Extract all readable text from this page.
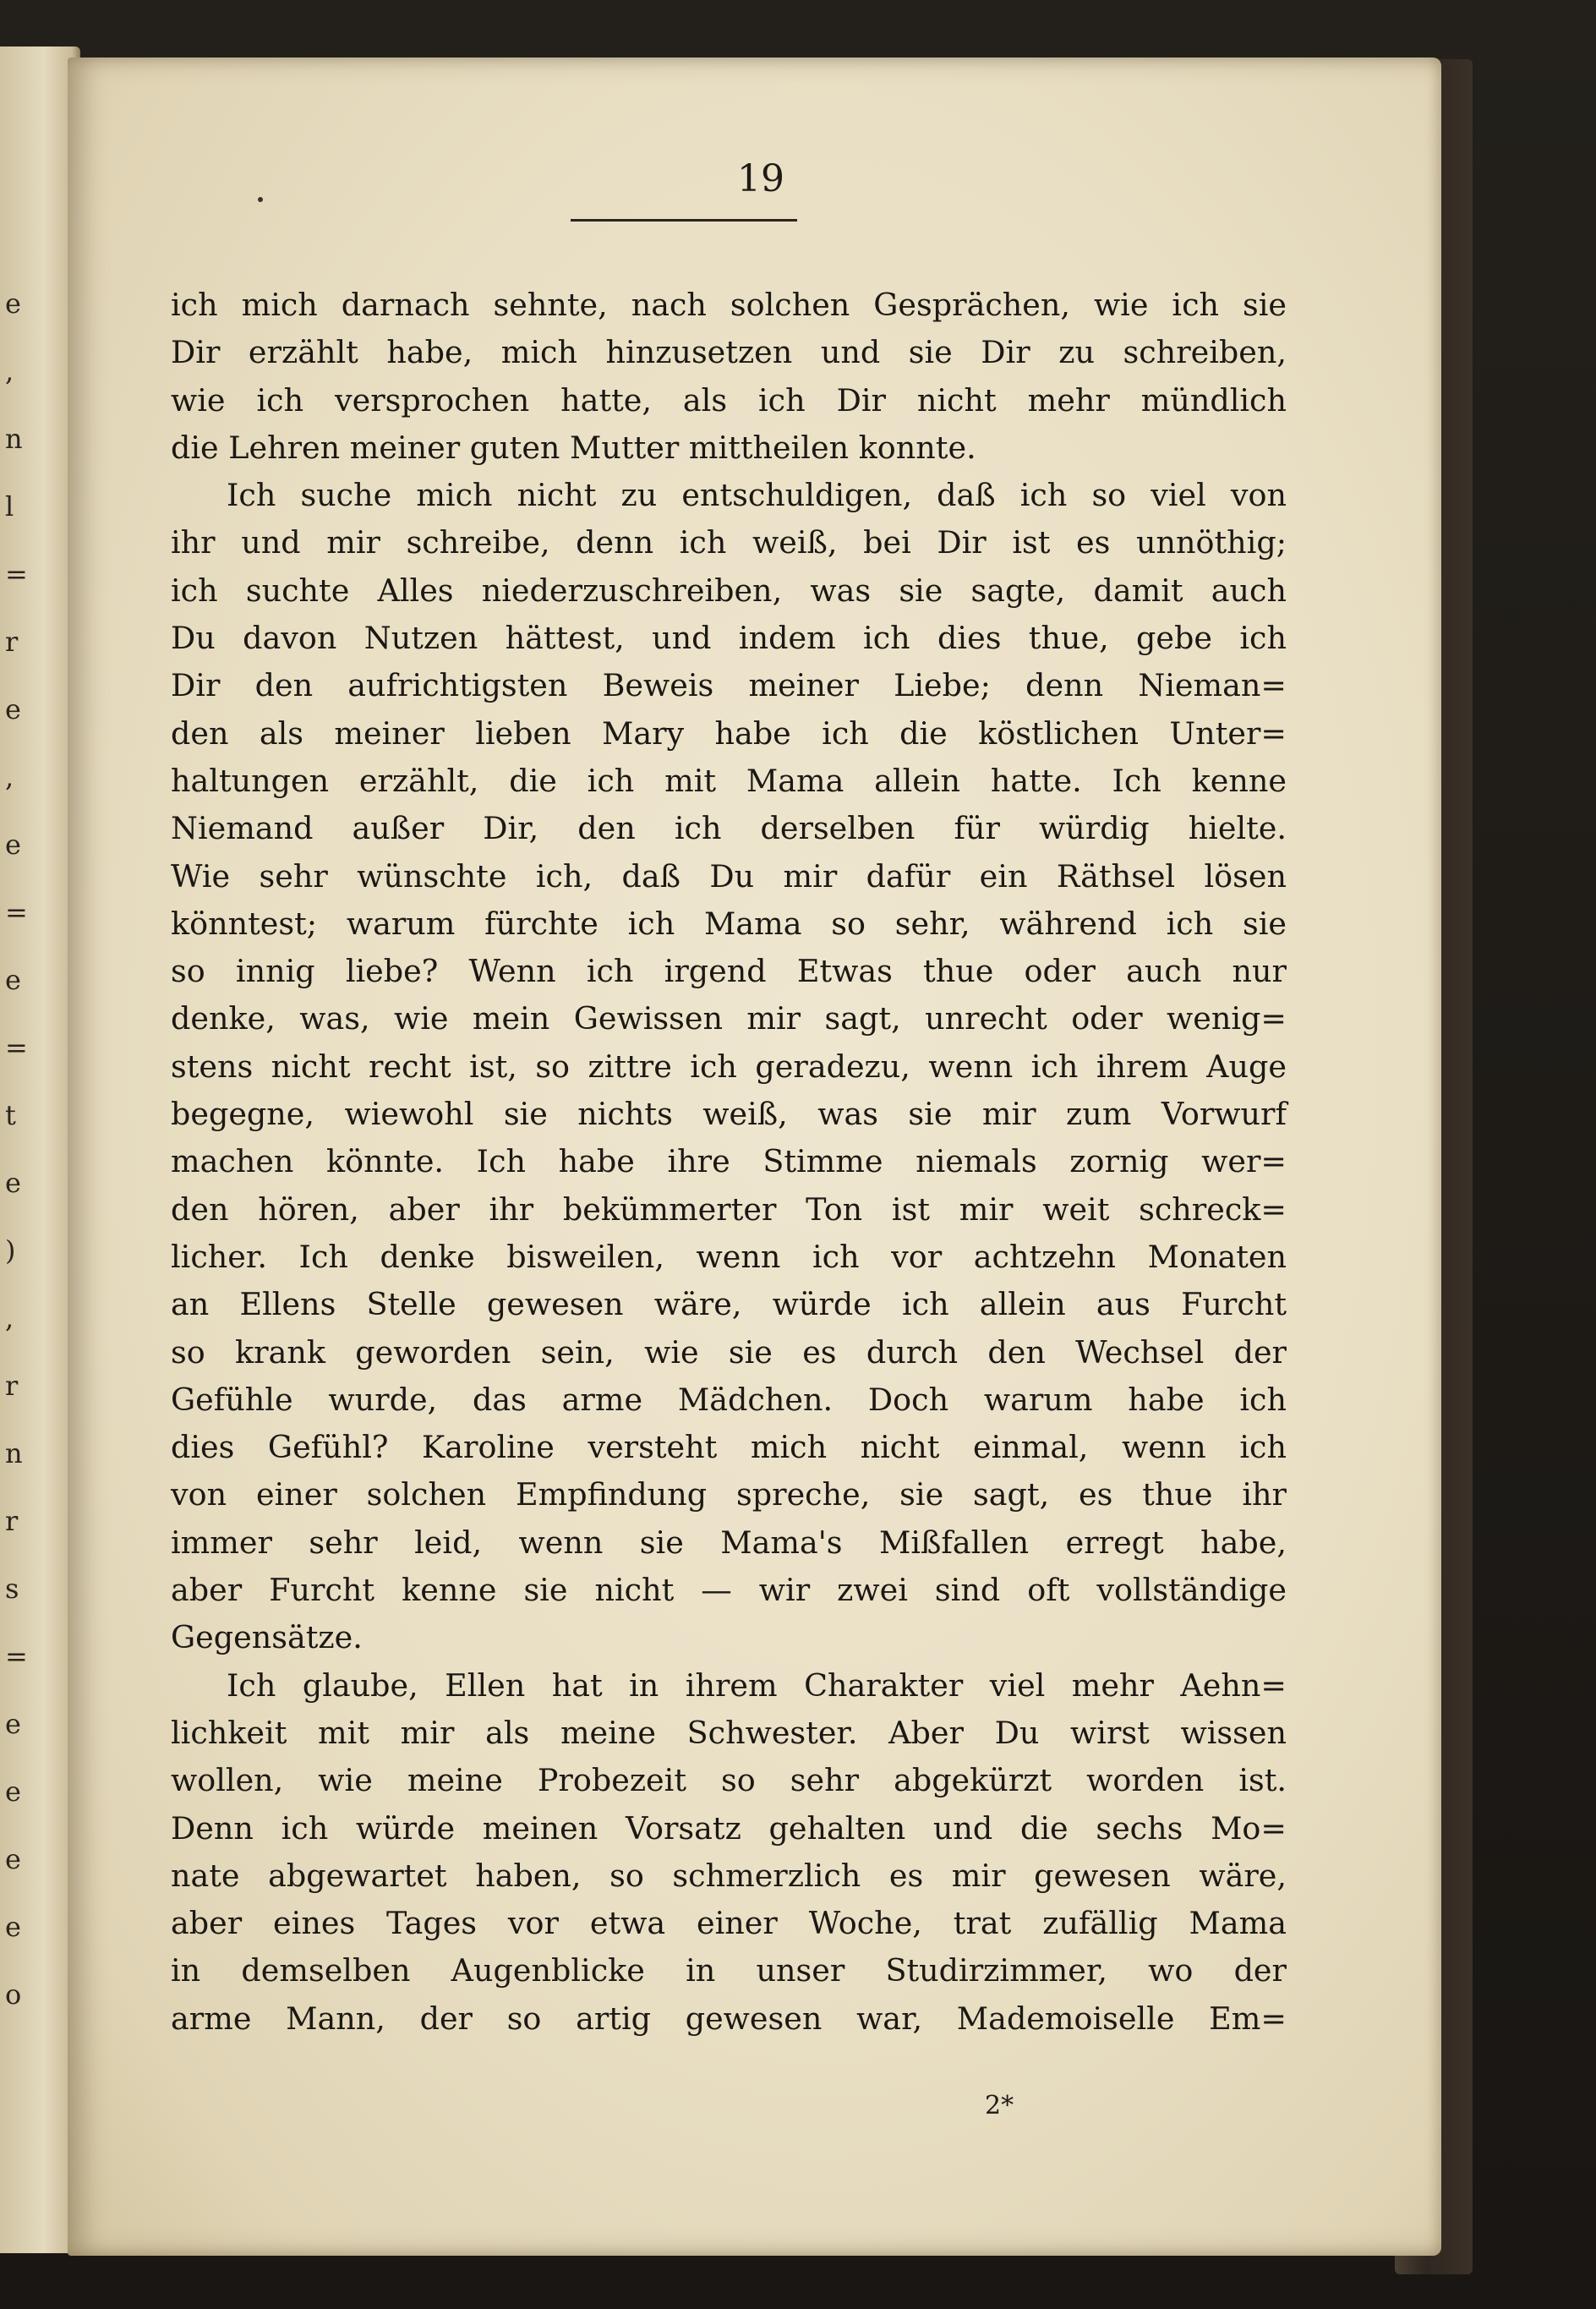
e
,
n
l
=
r
e
,
e
=
e
=
t
e
)
,
r
n
r
s
=
e
e
e
e
o
19
ich mich darnach sehnte, nach solchen Gesprächen, wie ich sie
Dir erzählt habe, mich hinzusetzen und sie Dir zu schreiben,
wie ich versprochen hatte, als ich Dir nicht mehr mündlich
die Lehren meiner guten Mutter mittheilen konnte.
Ich suche mich nicht zu entschuldigen, daß ich so viel von
ihr und mir schreibe, denn ich weiß, bei Dir ist es unnöthig;
ich suchte Alles niederzuschreiben, was sie sagte, damit auch
Du davon Nutzen hättest, und indem ich dies thue, gebe ich
Dir den aufrichtigsten Beweis meiner Liebe; denn Nieman=
den als meiner lieben Mary habe ich die köstlichen Unter=
haltungen erzählt, die ich mit Mama allein hatte. Ich kenne
Niemand außer Dir, den ich derselben für würdig hielte.
Wie sehr wünschte ich, daß Du mir dafür ein Räthsel lösen
könntest; warum fürchte ich Mama so sehr, während ich sie
so innig liebe? Wenn ich irgend Etwas thue oder auch nur
denke, was, wie mein Gewissen mir sagt, unrecht oder wenig=
stens nicht recht ist, so zittre ich geradezu, wenn ich ihrem Auge
begegne, wiewohl sie nichts weiß, was sie mir zum Vorwurf
machen könnte. Ich habe ihre Stimme niemals zornig wer=
den hören, aber ihr bekümmerter Ton ist mir weit schreck=
licher. Ich denke bisweilen, wenn ich vor achtzehn Monaten
an Ellens Stelle gewesen wäre, würde ich allein aus Furcht
so krank geworden sein, wie sie es durch den Wechsel der
Gefühle wurde, das arme Mädchen. Doch warum habe ich
dies Gefühl? Karoline versteht mich nicht einmal, wenn ich
von einer solchen Empfindung spreche, sie sagt, es thue ihr
immer sehr leid, wenn sie Mama's Mißfallen erregt habe,
aber Furcht kenne sie nicht — wir zwei sind oft vollständige
Gegensätze.
Ich glaube, Ellen hat in ihrem Charakter viel mehr Aehn=
lichkeit mit mir als meine Schwester. Aber Du wirst wissen
wollen, wie meine Probezeit so sehr abgekürzt worden ist.
Denn ich würde meinen Vorsatz gehalten und die sechs Mo=
nate abgewartet haben, so schmerzlich es mir gewesen wäre,
aber eines Tages vor etwa einer Woche, trat zufällig Mama
in demselben Augenblicke in unser Studirzimmer, wo der
arme Mann, der so artig gewesen war, Mademoiselle Em=
2*
